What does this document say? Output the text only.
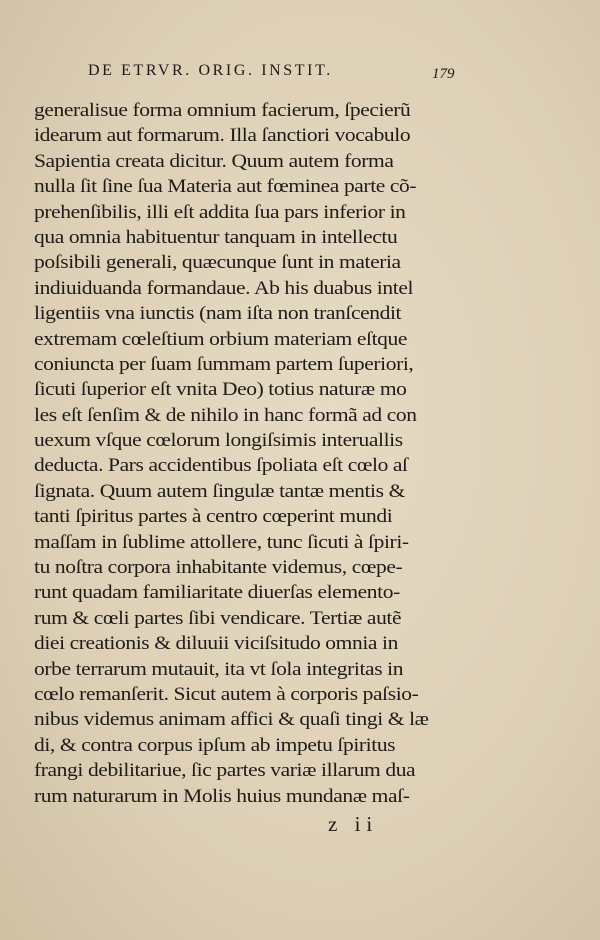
DE ETRVR. ORIG. INSTIT.	179
generalisue forma omnium facierum, ſpecierũ
idearum aut formarum. Illa ſanctiori vocabulo
Sapientia creata dicitur. Quum autem forma
nulla ſit ſine ſua Materia aut fœminea parte cõ-
prehenſibilis, illi eſt addita ſua pars inferior in
qua omnia habituentur tanquam in intellectu
poſsibili generali, quæcunque ſunt in materia
indiuiduanda formandaue. Ab his duabus intel
ligentiis vna iunctis (nam iſta non tranſcendit
extremam cœleſtium orbium materiam eſtque
coniuncta per ſuam ſummam partem ſuperiori,
ſicuti ſuperior eſt vnita Deo) totius naturæ mo
les eſt ſenſim & de nihilo in hanc formã ad con
uexum vſque cœlorum longiſsimis interuallis
deducta. Pars accidentibus ſpoliata eſt cœlo aſ
ſignata. Quum autem ſingulæ tantæ mentis &
tanti ſpiritus partes à centro cœperint mundi
maſſam in ſublime attollere, tunc ſicuti à ſpiri-
tu noſtra corpora inhabitante videmus, cœpe-
runt quadam familiaritate diuerſas elemento-
rum & cœli partes ſibi vendicare. Tertiæ autẽ
diei creationis & diluuii viciſsitudo omnia in
orbe terrarum mutauit, ita vt ſola integritas in
cœlo remanſerit. Sicut autem à corporis paſsio-
nibus videmus animam affici & quaſi tingi & læ
di, & contra corpus ipſum ab impetu ſpiritus
frangi debilitariue, ſic partes variæ illarum dua
rum naturarum in Molis huius mundanæ maſ-
z ii
